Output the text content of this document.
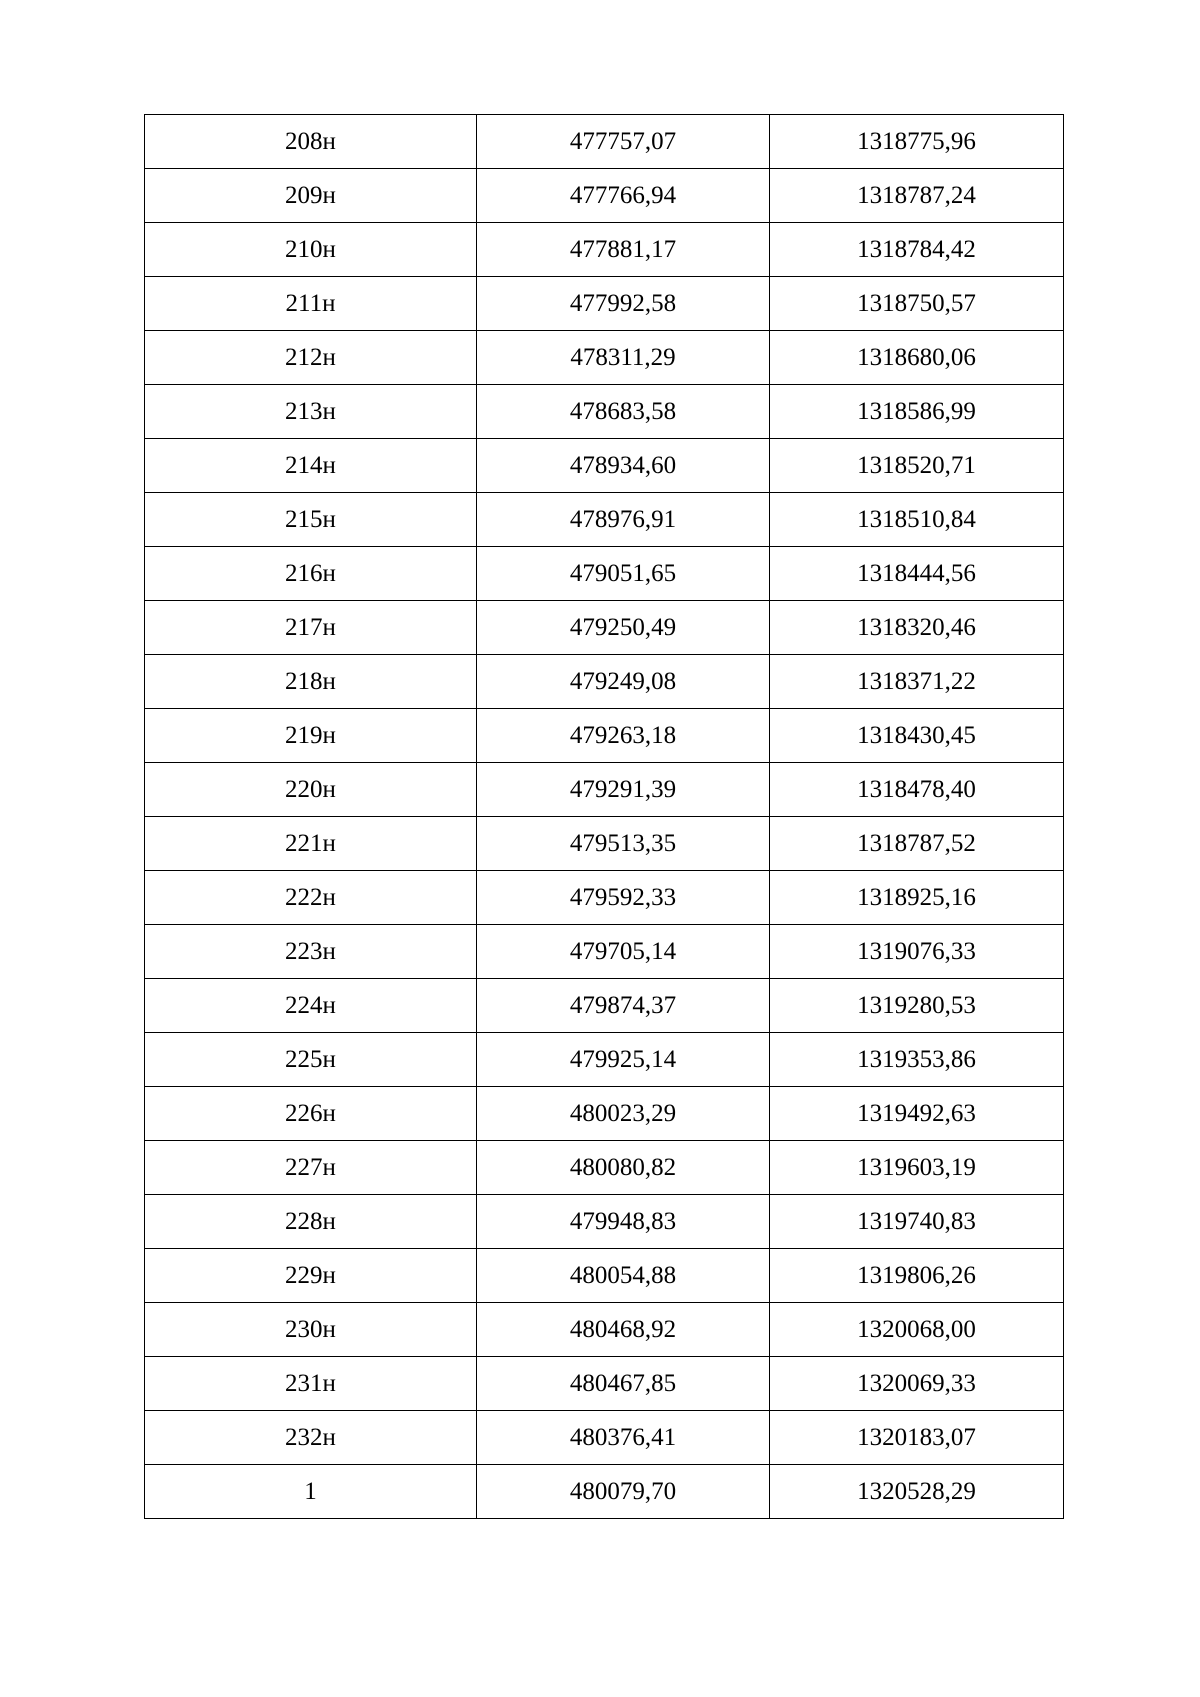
208н	477757,07	1318775,96
209н	477766,94	1318787,24
210н	477881,17	1318784,42
211н	477992,58	1318750,57
212н	478311,29	1318680,06
213н	478683,58	1318586,99
214н	478934,60	1318520,71
215н	478976,91	1318510,84
216н	479051,65	1318444,56
217н	479250,49	1318320,46
218н	479249,08	1318371,22
219н	479263,18	1318430,45
220н	479291,39	1318478,40
221н	479513,35	1318787,52
222н	479592,33	1318925,16
223н	479705,14	1319076,33
224н	479874,37	1319280,53
225н	479925,14	1319353,86
226н	480023,29	1319492,63
227н	480080,82	1319603,19
228н	479948,83	1319740,83
229н	480054,88	1319806,26
230н	480468,92	1320068,00
231н	480467,85	1320069,33
232н	480376,41	1320183,07
1	480079,70	1320528,29
